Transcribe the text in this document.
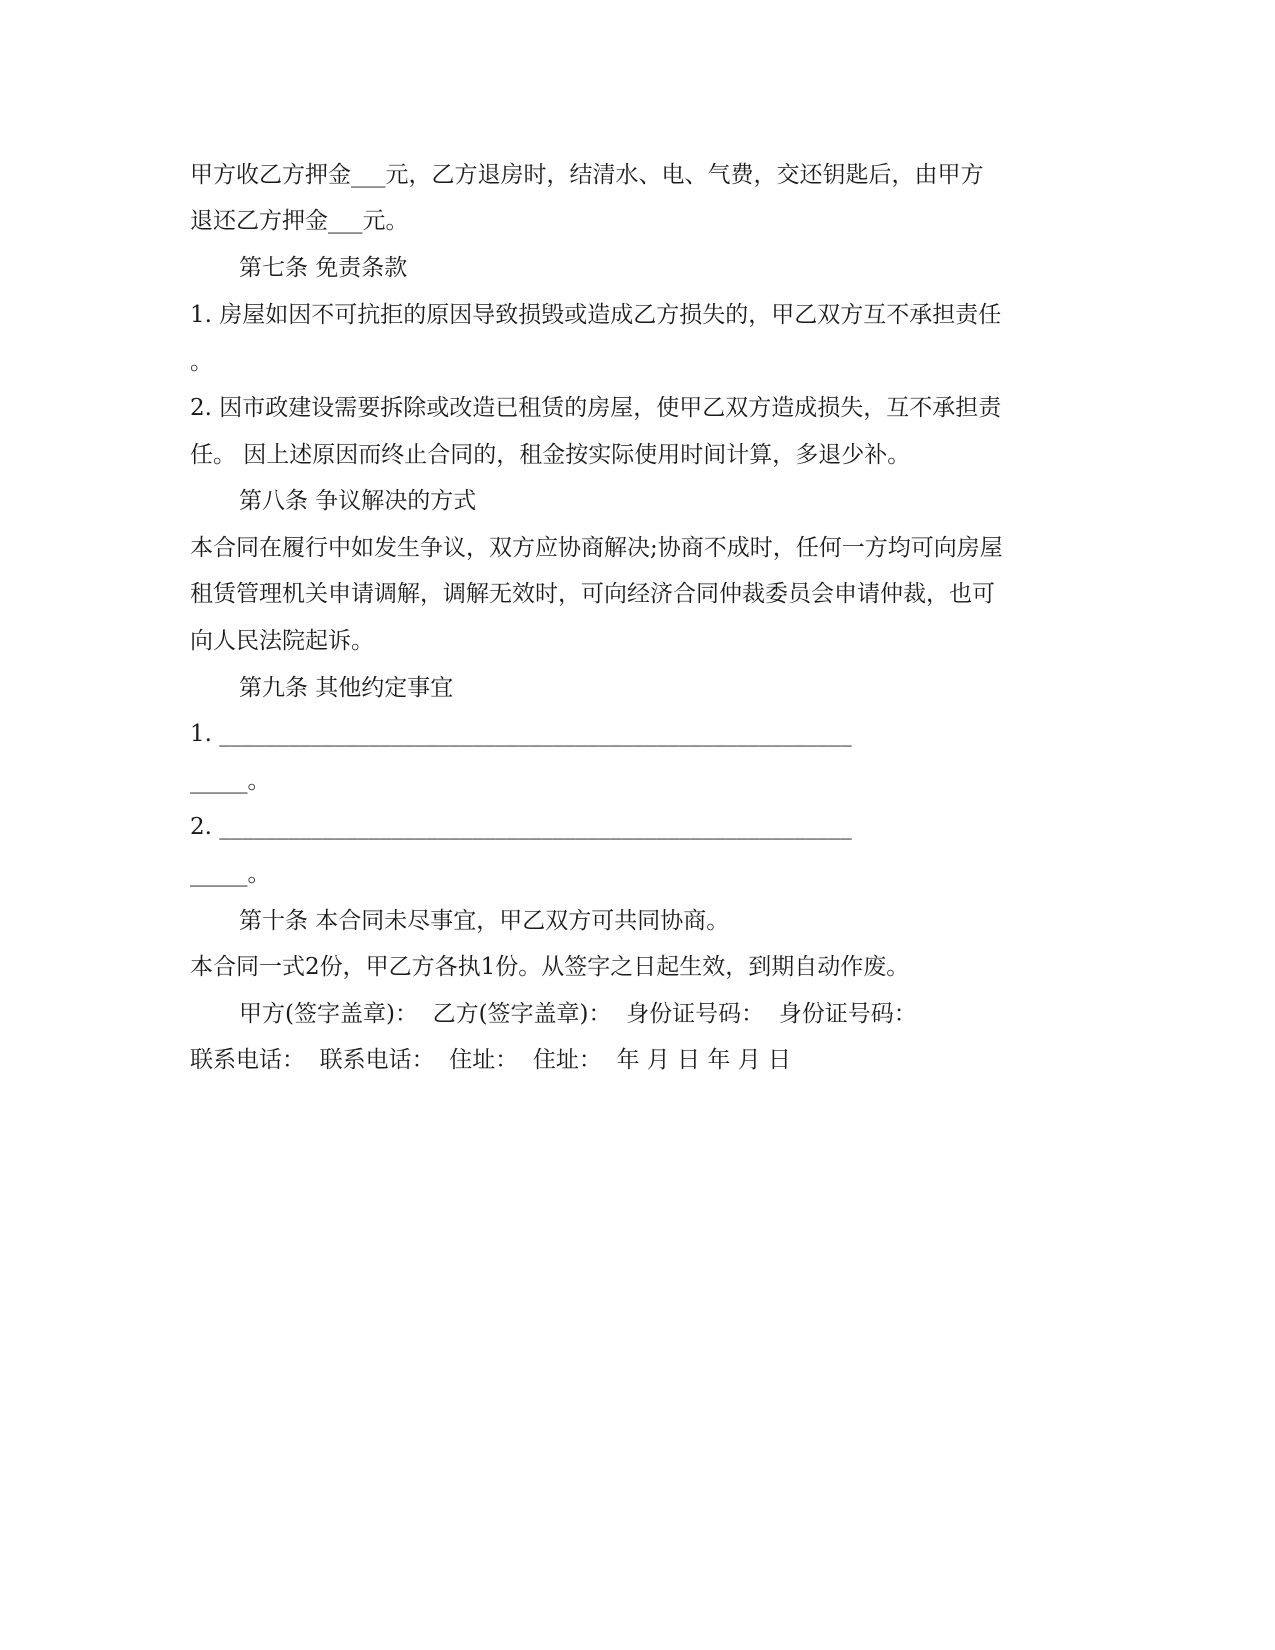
甲方收乙方押金___元，乙方退房时，结清水、电、气费，交还钥匙后，由甲方
退还乙方押金___元。
第七条 免责条款
1. 房屋如因不可抗拒的原因导致损毁或造成乙方损失的，甲乙双方互不承担责任
。
2. 因市政建设需要拆除或改造已租赁的房屋，使甲乙双方造成损失，互不承担责
任。 因上述原因而终止合同的，租金按实际使用时间计算，多退少补。
第八条 争议解决的方式
本合同在履行中如发生争议，双方应协商解决;协商不成时，任何一方均可向房屋
租赁管理机关申请调解，调解无效时，可向经济合同仲裁委员会申请仲裁，也可
向人民法院起诉。
第九条 其他约定事宜
1. _______________________________________________________
_____。
2. _______________________________________________________
_____。
第十条 本合同未尽事宜，甲乙双方可共同协商。
本合同一式2份，甲乙方各执1份。从签字之日起生效，到期自动作废。
甲方(签字盖章)：  乙方(签字盖章)：  身份证号码：  身份证号码：
联系电话：  联系电话：  住址：  住址：  年 月 日 年 月 日
